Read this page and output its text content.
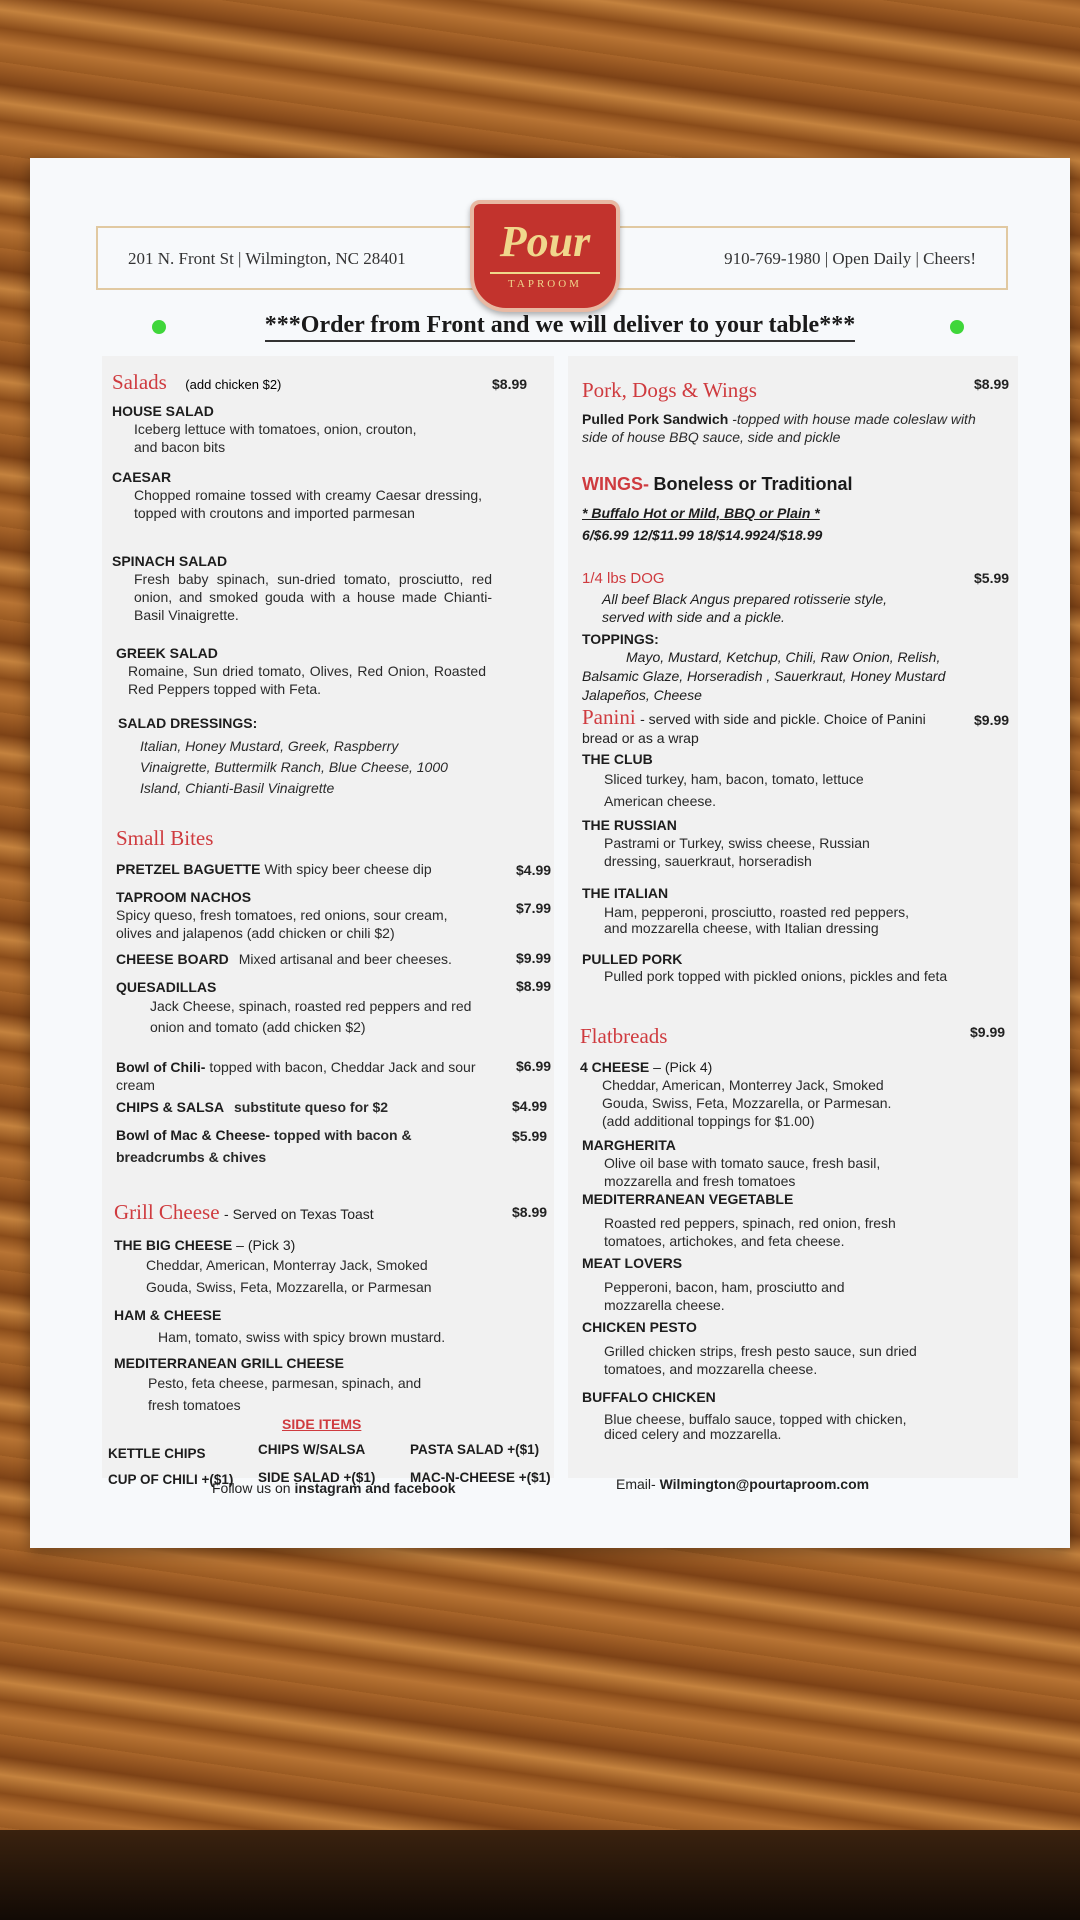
201 N. Front St | Wilmington, NC 28401	910-769-1980 | Open Daily | Cheers!
Pour
TAPROOM
***Order from Front and we will deliver to your table***
Salads (add chicken $2)	$8.99
HOUSE SALAD
Iceberg lettuce with tomatoes, onion, crouton, and bacon bits
CAESAR
Chopped romaine tossed with creamy Caesar dressing, topped with croutons and imported parmesan
SPINACH SALAD
Fresh baby spinach, sun-dried tomato, prosciutto, red onion, and smoked gouda with a house made Chianti-Basil Vinaigrette.
GREEK SALAD
Romaine, Sun dried tomato, Olives, Red Onion, Roasted Red Peppers topped with Feta.
SALAD DRESSINGS:
Italian, Honey Mustard, Greek, Raspberry Vinaigrette, Buttermilk Ranch, Blue Cheese, 1000 Island, Chianti-Basil Vinaigrette
Small Bites
PRETZEL BAGUETTE With spicy beer cheese dip	$4.99
TAPROOM NACHOS
Spicy queso, fresh tomatoes, red onions, sour cream, olives and jalapenos (add chicken or chili $2)
$7.99
CHEESE BOARD Mixed artisanal and beer cheeses.	$9.99
QUESADILLAS
Jack Cheese, spinach, roasted red peppers and red onion and tomato (add chicken $2)
$8.99
Bowl of Chili- topped with bacon, Cheddar Jack and sour cream
$6.99
CHIPS & SALSA substitute queso for $2	$4.99
Bowl of Mac & Cheese- topped with bacon & breadcrumbs & chives
$5.99
Grill Cheese - Served on Texas Toast	$8.99
THE BIG CHEESE – (Pick 3)
Cheddar, American, Monterray Jack, Smoked Gouda, Swiss, Feta, Mozzarella, or Parmesan
HAM & CHEESE
Ham, tomato, swiss with spicy brown mustard.
MEDITERRANEAN GRILL CHEESE
Pesto, feta cheese, parmesan, spinach, and fresh tomatoes
SIDE ITEMS
KETTLE CHIPS	CHIPS W/SALSA	PASTA SALAD +($1)
CUP OF CHILI +($1) SIDE SALAD +($1)	MAC-N-CHEESE +($1)
Pork, Dogs & Wings	$8.99
Pulled Pork Sandwich -topped with house made coleslaw with side of house BBQ sauce, side and pickle
WINGS- Boneless or Traditional
* Buffalo Hot or Mild, BBQ or Plain *
6/$6.99 12/$11.99 18/$14.9924/$18.99
1/4 lbs DOG	$5.99
All beef Black Angus prepared rotisserie style, served with side and a pickle.
TOPPINGS:
Mayo, Mustard, Ketchup, Chili, Raw Onion, Relish, Balsamic Glaze, Horseradish , Sauerkraut, Honey Mustard Jalapeños, Cheese
Panini - served with side and pickle. Choice of Panini bread or as a wrap
$9.99
THE CLUB
Sliced turkey, ham, bacon, tomato, lettuce American cheese.
THE RUSSIAN
Pastrami or Turkey, swiss cheese, Russian dressing, sauerkraut, horseradish
THE ITALIAN
Ham, pepperoni, prosciutto, roasted red peppers, and mozzarella cheese, with Italian dressing
PULLED PORK
Pulled pork topped with pickled onions, pickles and feta
Flatbreads	$9.99
4 CHEESE – (Pick 4)
Cheddar, American, Monterrey Jack, Smoked Gouda, Swiss, Feta, Mozzarella, or Parmesan. (add additional toppings for $1.00)
MARGHERITA
Olive oil base with tomato sauce, fresh basil, mozzarella and fresh tomatoes
MEDITERRANEAN VEGETABLE
Roasted red peppers, spinach, red onion, fresh tomatoes, artichokes, and feta cheese.
MEAT LOVERS
Pepperoni, bacon, ham, prosciutto and mozzarella cheese.
CHICKEN PESTO
Grilled chicken strips, fresh pesto sauce, sun dried tomatoes, and mozzarella cheese.
BUFFALO CHICKEN
Blue cheese, buffalo sauce, topped with chicken, diced celery and mozzarella.
Follow us on instagram and facebook	Email- Wilmington@pourtaproom.com
